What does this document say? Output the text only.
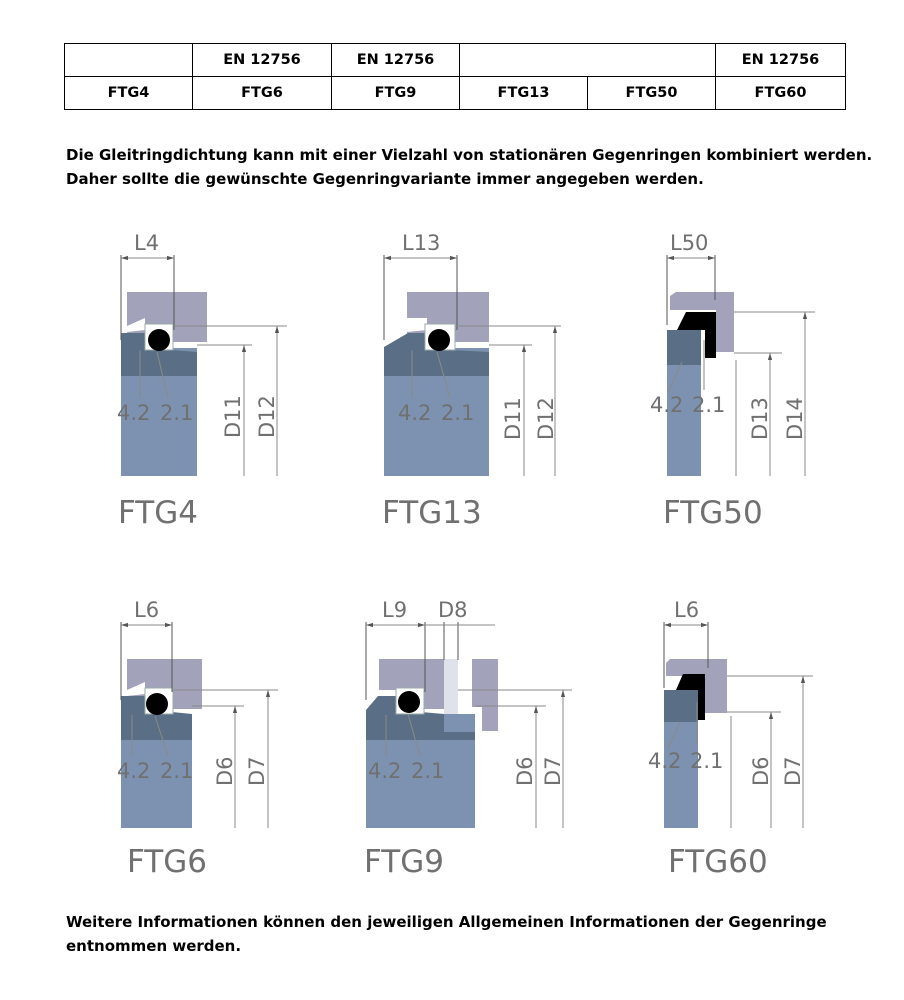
	EN 12756	EN 12756			EN 12756
FTG4	FTG6	FTG9	FTG13	FTG50	FTG60

Die Gleitringdichtung kann mit einer Vielzahl von stationären Gegenringen kombiniert werden.
Daher sollte die gewünschte Gegenringvariante immer angegeben werden.

L4
4.2 2.1 D11 D12
FTG4
L13
4.2 2.1 D11 D12
FTG13
L50
4.2 2.1 D13 D14
FTG50
L6
4.2 2.1 D6 D7
FTG6
L9 D8
4.2 2.1	D6 D7
FTG9
L6
4.2 2.1 D6 D7
FTG60

Weitere Informationen können den jeweiligen Allgemeinen Informationen der Gegenringe
entnommen werden.
